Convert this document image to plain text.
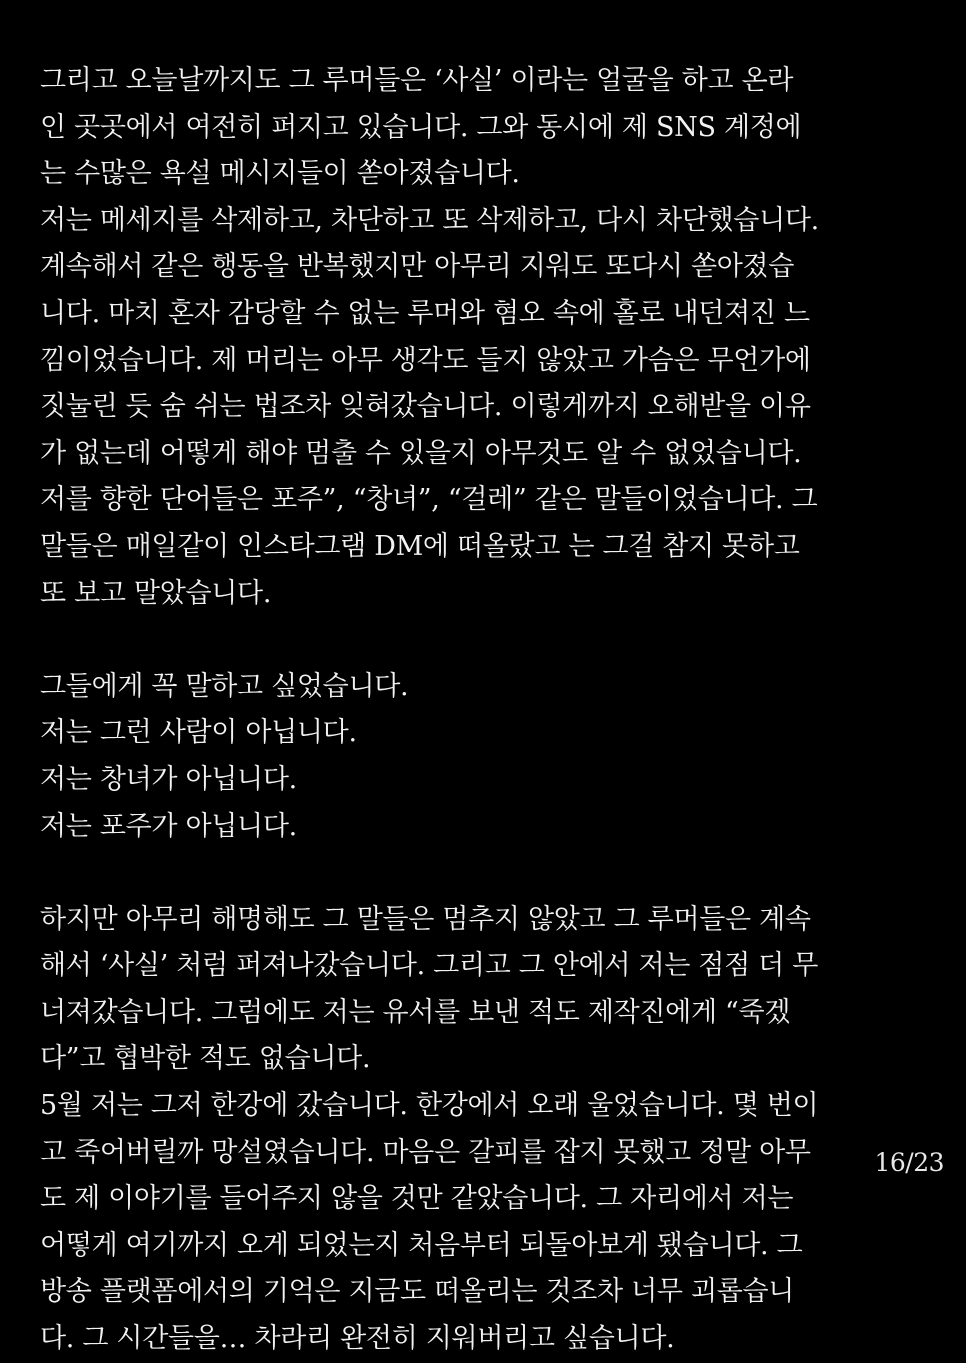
그리고 오늘날까지도 그 루머들은 ‘사실’ 이라는 얼굴을 하고 온라
인 곳곳에서 여전히 퍼지고 있습니다. 그와 동시에 제 SNS 계정에
는 수많은 욕설 메시지들이 쏟아졌습니다.
저는 메세지를 삭제하고, 차단하고 또 삭제하고, 다시 차단했습니다.
계속해서 같은 행동을 반복했지만 아무리 지워도 또다시 쏟아졌습
니다. 마치 혼자 감당할 수 없는 루머와 혐오 속에 홀로 내던져진 느
낌이었습니다. 제 머리는 아무 생각도 들지 않았고 가슴은 무언가에
짓눌린 듯 숨 쉬는 법조차 잊혀갔습니다. 이렇게까지 오해받을 이유
가 없는데 어떻게 해야 멈출 수 있을지 아무것도 알 수 없었습니다.
저를 향한 단어들은 포주”, “창녀”, “걸레” 같은 말들이었습니다. 그
말들은 매일같이 인스타그램 DM에 떠올랐고 는 그걸 참지 못하고
또 보고 말았습니다.
그들에게 꼭 말하고 싶었습니다.
저는 그런 사람이 아닙니다.
저는 창녀가 아닙니다.
저는 포주가 아닙니다.
하지만 아무리 해명해도 그 말들은 멈추지 않았고 그 루머들은 계속
해서 ‘사실’ 처럼 퍼져나갔습니다. 그리고 그 안에서 저는 점점 더 무
너져갔습니다. 그럼에도 저는 유서를 보낸 적도 제작진에게 “죽겠
다”고 협박한 적도 없습니다.
5월 저는 그저 한강에 갔습니다. 한강에서 오래 울었습니다. 몇 번이
고 죽어버릴까 망설였습니다. 마음은 갈피를 잡지 못했고 정말 아무
도 제 이야기를 들어주지 않을 것만 같았습니다. 그 자리에서 저는
어떻게 여기까지 오게 되었는지 처음부터 되돌아보게 됐습니다. 그
방송 플랫폼에서의 기억은 지금도 떠올리는 것조차 너무 괴롭습니
다. 그 시간들을… 차라리 완전히 지워버리고 싶습니다.
16/23
